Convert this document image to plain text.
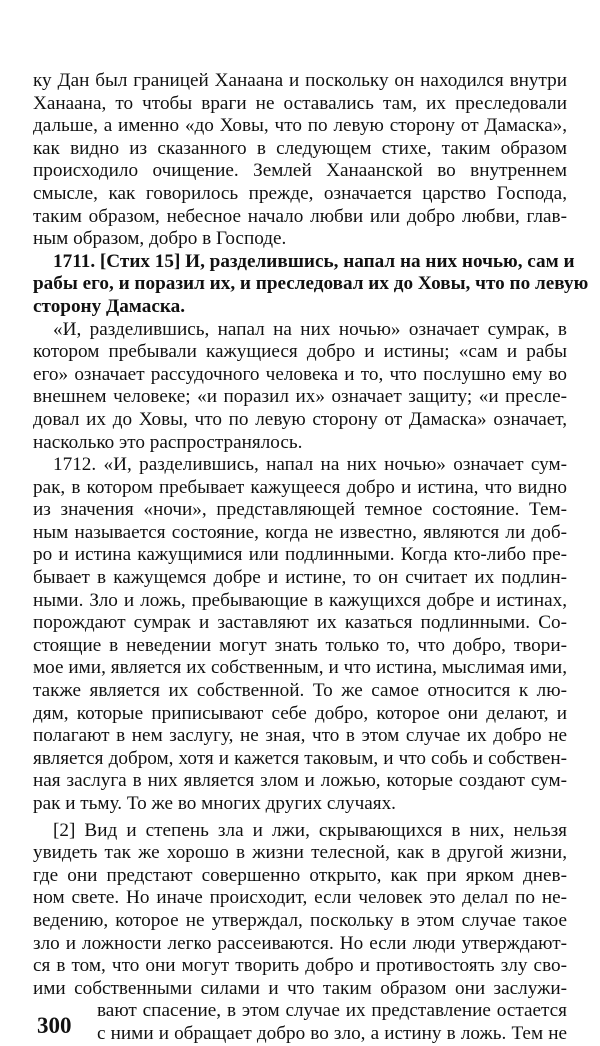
ку Дан был границей Ханаана и поскольку он находился внутри
Ханаана, то чтобы враги не оставались там, их преследовали
дальше, а именно «до Ховы, что по левую сторону от Дамаска»,
как видно из сказанного в следующем стихе, таким образом
происходило очищение. Землей Ханаанской во внутреннем
смысле, как говорилось прежде, означается царство Господа,
таким образом, небесное начало любви или добро любви, глав-
ным образом, добро в Господе.
1711. [Стих 15] И, разделившись, напал на них ночью, сам и
рабы его, и поразил их, и преследовал их до Ховы, что по левую
сторону Дамаска.
«И, разделившись, напал на них ночью» означает сумрак, в
котором пребывали кажущиеся добро и истины; «сам и рабы
его» означает рассудочного человека и то, что послушно ему во
внешнем человеке; «и поразил их» означает защиту; «и пресле-
довал их до Ховы, что по левую сторону от Дамаска» означает,
насколько это распространялось.
1712. «И, разделившись, напал на них ночью» означает сум-
рак, в котором пребывает кажущееся добро и истина, что видно
из значения «ночи», представляющей темное состояние. Тем-
ным называется состояние, когда не известно, являются ли доб-
ро и истина кажущимися или подлинными. Когда кто-либо пре-
бывает в кажущемся добре и истине, то он считает их подлин-
ными. Зло и ложь, пребывающие в кажущихся добре и истинах,
порождают сумрак и заставляют их казаться подлинными. Со-
стоящие в неведении могут знать только то, что добро, твори-
мое ими, является их собственным, и что истина, мыслимая ими,
также является их собственной. То же самое относится к лю-
дям, которые приписывают себе добро, которое они делают, и
полагают в нем заслугу, не зная, что в этом случае их добро не
является добром, хотя и кажется таковым, и что собь и собствен-
ная заслуга в них является злом и ложью, которые создают сум-
рак и тьму. То же во многих других случаях.
[2] Вид и степень зла и лжи, скрывающихся в них, нельзя
увидеть так же хорошо в жизни телесной, как в другой жизни,
где они предстают совершенно открыто, как при ярком днев-
ном свете. Но иначе происходит, если человек это делал по не-
ведению, которое не утверждал, поскольку в этом случае такое
зло и ложности легко рассеиваются. Но если люди утверждают-
ся в том, что они могут творить добро и противостоять злу сво-
ими собственными силами и что таким образом они заслужи-
вают спасение, в этом случае их представление остается
300 с ними и обращает добро во зло, а истину в ложь. Тем не
